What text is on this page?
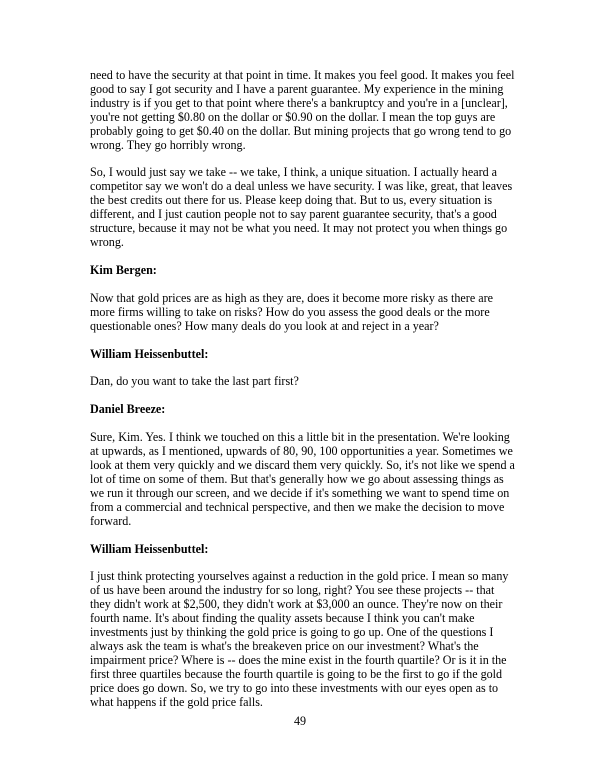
need to have the security at that point in time. It makes you feel good. It makes you feel good to say I got security and I have a parent guarantee. My experience in the mining industry is if you get to that point where there's a bankruptcy and you're in a [unclear], you're not getting $0.80 on the dollar or $0.90 on the dollar. I mean the top guys are probably going to get $0.40 on the dollar. But mining projects that go wrong tend to go wrong. They go horribly wrong.

So, I would just say we take -- we take, I think, a unique situation. I actually heard a competitor say we won't do a deal unless we have security. I was like, great, that leaves the best credits out there for us. Please keep doing that. But to us, every situation is different, and I just caution people not to say parent guarantee security, that's a good structure, because it may not be what you need. It may not protect you when things go wrong.

Kim Bergen:

Now that gold prices are as high as they are, does it become more risky as there are more firms willing to take on risks? How do you assess the good deals or the more questionable ones? How many deals do you look at and reject in a year?

William Heissenbuttel:

Dan, do you want to take the last part first?

Daniel Breeze:

Sure, Kim. Yes. I think we touched on this a little bit in the presentation. We're looking at upwards, as I mentioned, upwards of 80, 90, 100 opportunities a year. Sometimes we look at them very quickly and we discard them very quickly. So, it's not like we spend a lot of time on some of them. But that's generally how we go about assessing things as we run it through our screen, and we decide if it's something we want to spend time on from a commercial and technical perspective, and then we make the decision to move forward.

William Heissenbuttel:

I just think protecting yourselves against a reduction in the gold price. I mean so many of us have been around the industry for so long, right? You see these projects -- that they didn't work at $2,500, they didn't work at $3,000 an ounce. They're now on their fourth name. It's about finding the quality assets because I think you can't make investments just by thinking the gold price is going to go up. One of the questions I always ask the team is what's the breakeven price on our investment? What's the impairment price? Where is -- does the mine exist in the fourth quartile? Or is it in the first three quartiles because the fourth quartile is going to be the first to go if the gold price does go down. So, we try to go into these investments with our eyes open as to what happens if the gold price falls.

49
